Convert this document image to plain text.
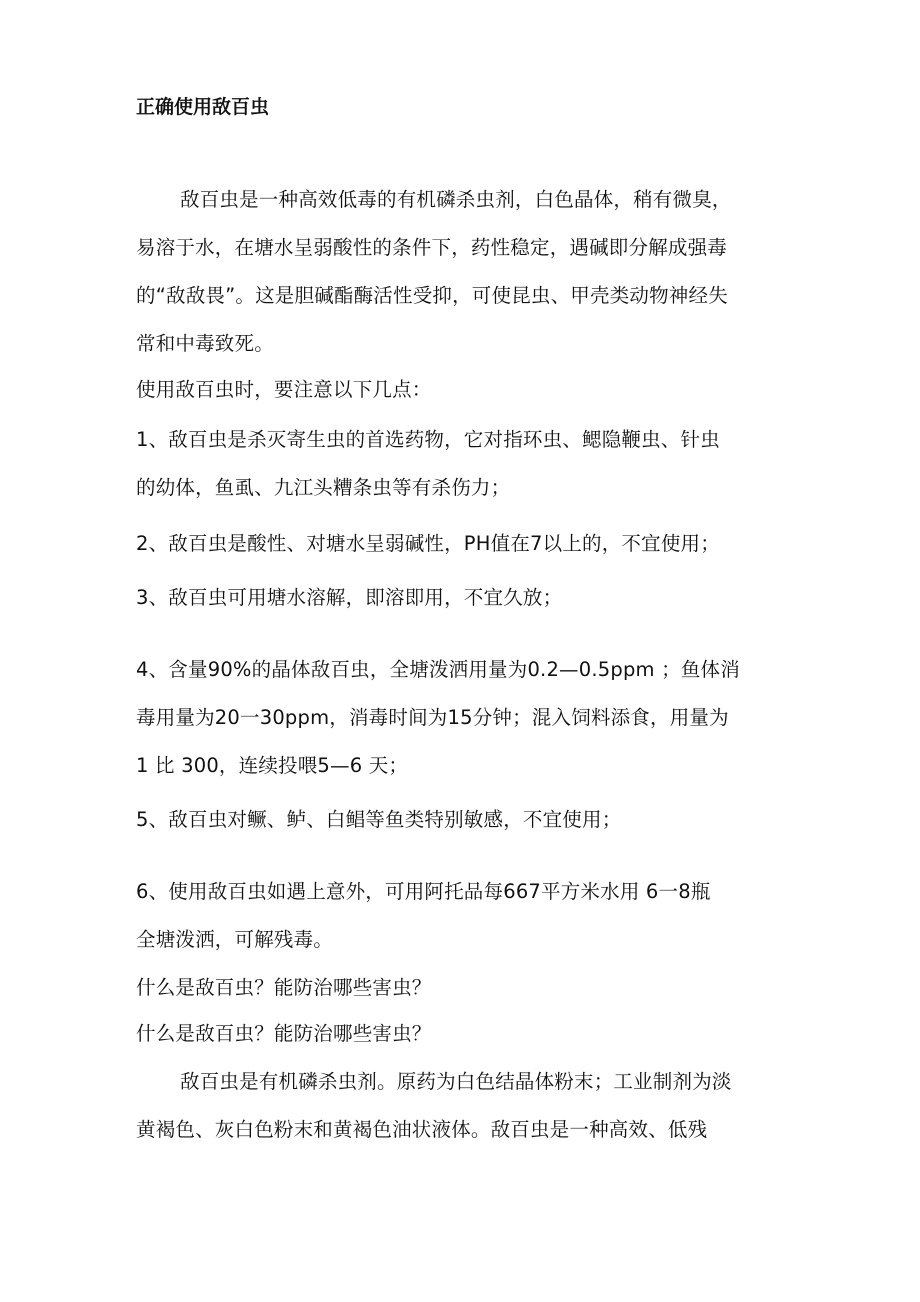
正确使用敌百虫
敌百虫是一种高效低毒的有机磷杀虫剂，白色晶体，稍有微臭，
易溶于水，在塘水呈弱酸性的条件下，药性稳定，遇碱即分解成强毒
的“敌敌畏”。这是胆碱酯酶活性受抑，可使昆虫、甲壳类动物神经失
常和中毒致死。
使用敌百虫时，要注意以下几点：
1、敌百虫是杀灭寄生虫的首选药物，它对指环虫、鳃隐鞭虫、针虫
的幼体，鱼虱、九江头糟条虫等有杀伤力；
2、敌百虫是酸性、对塘水呈弱碱性，PH值在7以上的，不宜使用；
3、敌百虫可用塘水溶解，即溶即用，不宜久放；
4、含量90%的晶体敌百虫，全塘泼洒用量为0.2—0.5ppm ；鱼体消
毒用量为20一30ppm，消毒时间为15分钟；混入饲料添食，用量为
1 比 300，连续投喂5—6 天；
5、敌百虫对鳜、鲈、白鲳等鱼类特别敏感，不宜使用；
6、使用敌百虫如遇上意外，可用阿托品每667平方米水用 6一8瓶
全塘泼洒，可解残毒。
什么是敌百虫？能防治哪些害虫？
什么是敌百虫？能防治哪些害虫？
敌百虫是有机磷杀虫剂。原药为白色结晶体粉末；工业制剂为淡
黄褐色、灰白色粉末和黄褐色油状液体。敌百虫是一种高效、低残
